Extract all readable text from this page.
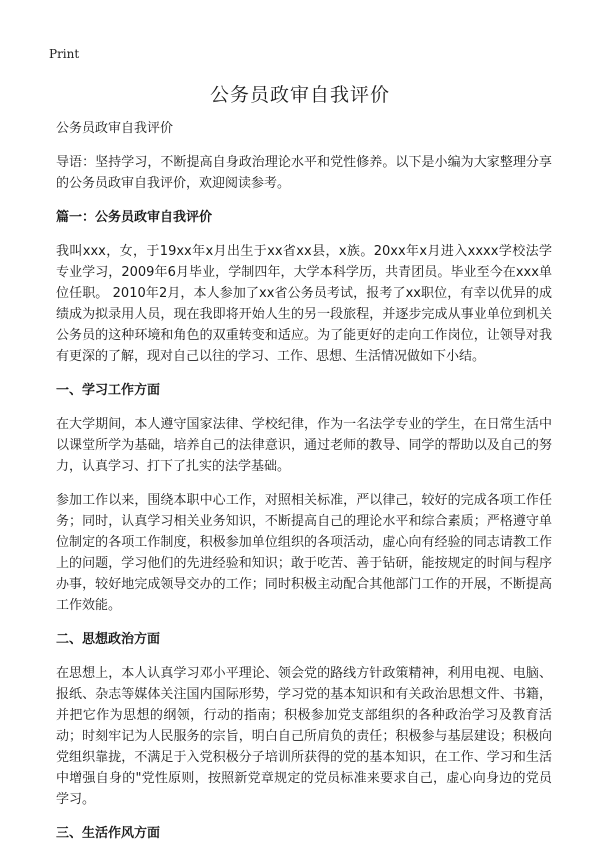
Print
公务员政审自我评价

公务员政审自我评价

导语：坚持学习，不断提高自身政治理论水平和党性修养。以下是小编为大家整理分享的公务员政审自我评价，欢迎阅读参考。

篇一：公务员政审自我评价

我叫xxx，女，于19xx年x月出生于xx省xx县，x族。20xx年x月进入xxxx学校法学专业学习，2009年6月毕业，学制四年，大学本科学历，共青团员。毕业至今在xxx单位任职。 2010年2月，本人参加了xx省公务员考试，报考了xx职位，有幸以优异的成绩成为拟录用人员，现在我即将开始人生的另一段旅程，并逐步完成从事业单位到机关公务员的这种环境和角色的双重转变和适应。为了能更好的走向工作岗位，让领导对我有更深的了解，现对自己以往的学习、工作、思想、生活情况做如下小结。

一、学习工作方面

在大学期间，本人遵守国家法律、学校纪律，作为一名法学专业的学生，在日常生活中以课堂所学为基础，培养自己的法律意识，通过老师的教导、同学的帮助以及自己的努力，认真学习、打下了扎实的法学基础。

参加工作以来，围绕本职中心工作，对照相关标准，严以律己，较好的完成各项工作任务；同时，认真学习相关业务知识，不断提高自己的理论水平和综合素质；严格遵守单位制定的各项工作制度，积极参加单位组织的各项活动，虚心向有经验的同志请教工作上的问题，学习他们的先进经验和知识；敢于吃苦、善于钻研，能按规定的时间与程序办事，较好地完成领导交办的工作；同时积极主动配合其他部门工作的开展，不断提高工作效能。

二、思想政治方面

在思想上，本人认真学习邓小平理论、领会党的路线方针政策精神，利用电视、电脑、报纸、杂志等媒体关注国内国际形势，学习党的基本知识和有关政治思想文件、书籍，并把它作为思想的纲领，行动的指南；积极参加党支部组织的各种政治学习及教育活动；时刻牢记为人民服务的宗旨，明白自己所肩负的责任；积极参与基层建设；积极向党组织靠拢，不满足于入党积极分子培训所获得的党的基本知识，在工作、学习和生活中增强自身的"党性原则，按照新党章规定的党员标准来要求自己，虚心向身边的党员学习。

三、生活作风方面
